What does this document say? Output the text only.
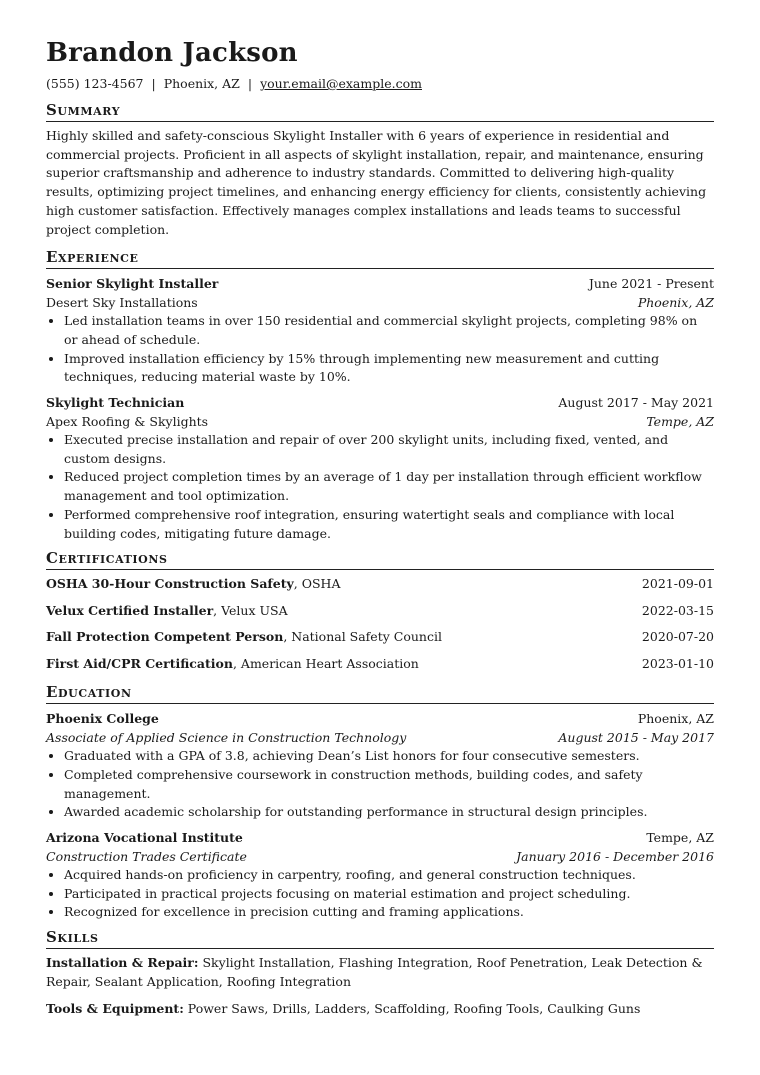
Brandon Jackson
(555) 123-4567 | Phoenix, AZ | your.email@example.com
Summary
Highly skilled and safety-conscious Skylight Installer with 6 years of experience in residential and commercial projects. Proficient in all aspects of skylight installation, repair, and maintenance, ensuring superior craftsmanship and adherence to industry standards. Committed to delivering high-quality results, optimizing project timelines, and enhancing energy efficiency for clients, consistently achieving high customer satisfaction. Effectively manages complex installations and leads teams to successful project completion.
Experience
Senior Skylight Installer	June 2021 - Present
Desert Sky Installations	Phoenix, AZ
• Led installation teams in over 150 residential and commercial skylight projects, completing 98% on or ahead of schedule.
• Improved installation efficiency by 15% through implementing new measurement and cutting techniques, reducing material waste by 10%.
Skylight Technician	August 2017 - May 2021
Apex Roofing & Skylights	Tempe, AZ
• Executed precise installation and repair of over 200 skylight units, including fixed, vented, and custom designs.
• Reduced project completion times by an average of 1 day per installation through efficient workflow management and tool optimization.
• Performed comprehensive roof integration, ensuring watertight seals and compliance with local building codes, mitigating future damage.
Certifications
OSHA 30-Hour Construction Safety, OSHA	2021-09-01
Velux Certified Installer, Velux USA	2022-03-15
Fall Protection Competent Person, National Safety Council	2020-07-20
First Aid/CPR Certification, American Heart Association	2023-01-10
Education
Phoenix College	Phoenix, AZ
Associate of Applied Science in Construction Technology	August 2015 - May 2017
• Graduated with a GPA of 3.8, achieving Dean’s List honors for four consecutive semesters.
• Completed comprehensive coursework in construction methods, building codes, and safety management.
• Awarded academic scholarship for outstanding performance in structural design principles.
Arizona Vocational Institute	Tempe, AZ
Construction Trades Certificate	January 2016 - December 2016
• Acquired hands-on proficiency in carpentry, roofing, and general construction techniques.
• Participated in practical projects focusing on material estimation and project scheduling.
• Recognized for excellence in precision cutting and framing applications.
Skills
Installation & Repair: Skylight Installation, Flashing Integration, Roof Penetration, Leak Detection & Repair, Sealant Application, Roofing Integration
Tools & Equipment: Power Saws, Drills, Ladders, Scaffolding, Roofing Tools, Caulking Guns
